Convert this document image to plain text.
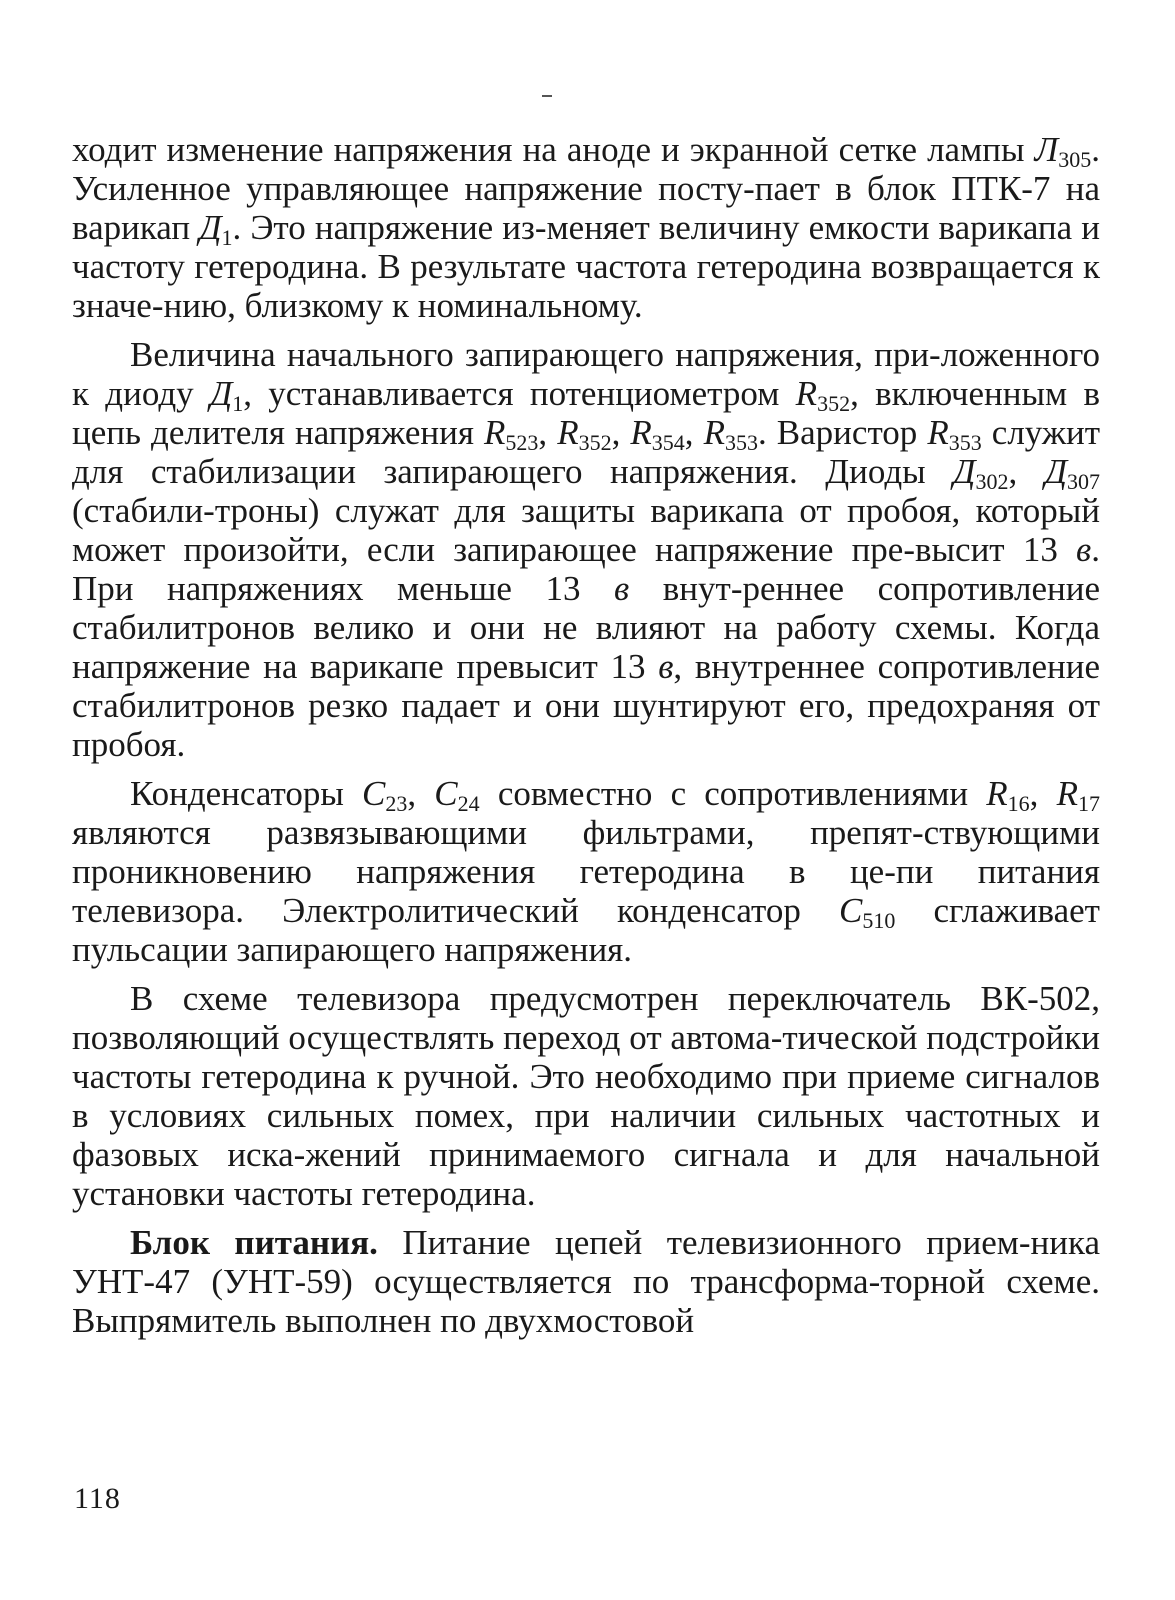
ходит изменение напряжения на аноде и экранной сетке лампы $Л_{305}$. Усиленное управляющее напряжение посту-​пает в блок ПТК-7 на варикап $Д_1$. Это напряжение из-​меняет величину емкости варикапа и частоту гетеродина. В результате частота гетеродина возвращается к значе-​нию, близкому к номинальному.

Величина начального запирающего напряжения, при-​ложенного к диоду $Д_1$, устанавливается потенциометром $R_{352}$, включенным в цепь делителя напряжения $R_{523}$, $R_{352}$, $R_{354}$, $R_{353}$. Варистор $R_{353}$ служит для стабилизации запирающего напряжения. Диоды $Д_{302}$, $Д_{307}$ (стабили-​троны) служат для защиты варикапа от пробоя, который может произойти, если запирающее напряжение пре-​высит 13 в. При напряжениях меньше 13 в внут-​реннее сопротивление стабилитронов велико и они не влияют на работу схемы. Когда напряжение на варикапе превысит 13 в, внутреннее сопротивление стабилитронов резко падает и они шунтируют его, предохраняя от пробоя.

Конденсаторы $C_{23}$, $C_{24}$ совместно с сопротивлениями $R_{16}$, $R_{17}$ являются развязывающими фильтрами, препят-​ствующими проникновению напряжения гетеродина в це-​пи питания телевизора. Электролитический конденсатор $C_{510}$ сглаживает пульсации запирающего напряжения.

В схеме телевизора предусмотрен переключатель ВК-502, позволяющий осуществлять переход от автома-​тической подстройки частоты гетеродина к ручной. Это необходимо при приеме сигналов в условиях сильных помех, при наличии сильных частотных и фазовых иска-​жений принимаемого сигнала и для начальной установки частоты гетеродина.

Блок питания. Питание цепей телевизионного прием-​ника УНТ-47 (УНТ-59) осуществляется по трансформа-​торной схеме. Выпрямитель выполнен по двухмостовой

118
